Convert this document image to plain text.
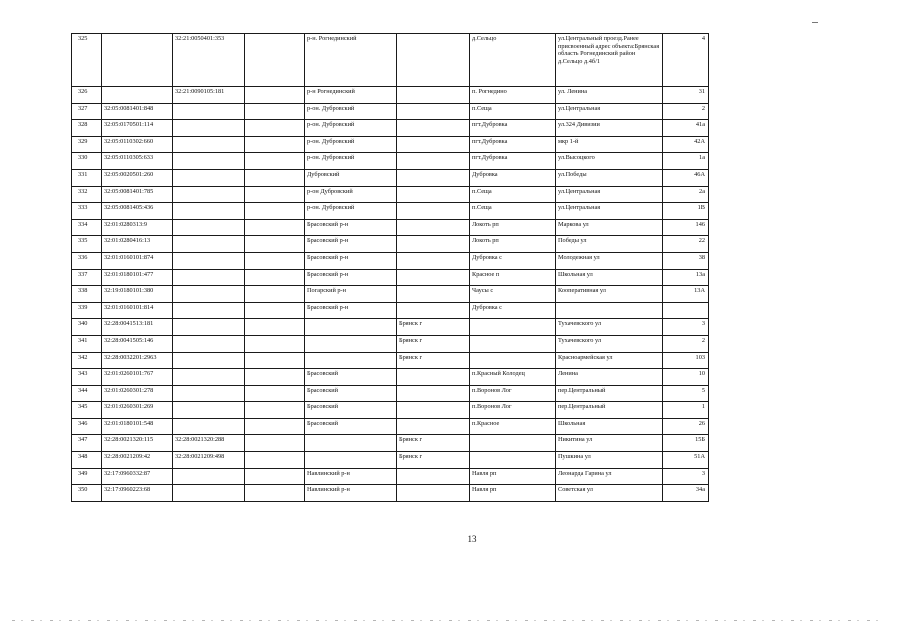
325		32:21:0050401:353		р-н. Рогнединский		д.Сельцо	ул.Центральный проезд.Ранее присвоенный адрес объекта:Брянская область Рогнединский район д.Сельцо д.4б/1	4
326		32:21:0090105:181		р-н Рогнединский		п. Рогнедино	ул. Ленина	31
327	32:05:0081401:848			р-он. Дубровский		п.Сеща	ул.Центральная	2
328	32:05:0170501:114			р-он. Дубровский		пгт.Дубровка	ул.324 Дивизии	41а
329	32:05:0110302:660			р-он. Дубровский		пгт.Дубровка	мкр 1-й	42А
330	32:05:0110305:633			р-он. Дубровский		пгт.Дубровка	ул.Высоцкого	1а
331	32:05:0020501:260			Дубровский		Дубровка	ул.Победы	46А
332	32:05:0081401:785			р-он Дубровский		п.Сеща	ул.Центральная	2а
333	32:05:0081405:436			р-он. Дубровский		п.Сеща	ул.Центральная	1В
334	32:01:0280313:9			Брасовский р-н		Локоть рп	Маркова ул	146
335	32:01:0280416:13			Брасовский р-н		Локоть рп	Победы ул	22
336	32:01:0160101:874			Брасовский р-н		Дубровка с	Молодежная ул	38
337	32:01:0180101:477			Брасовский р-н		Красное п	Школьная ул	13а
338	32:19:0180101:380			Погарский р-н		Чаусы с	Кооперативная ул	13А
339	32:01:0160101:814			Брасовский р-н		Дубровка с		
340	32:28:0041513:181				Брянск г		Тухачевского ул	3
341	32:28:0041505:146				Брянск г		Тухачевского ул	2
342	32:28:0032201:2963				Брянск г		Красноармейская ул	103
343	32:01:0260101:767			Брасовский		п.Красный Колодец	Ленина	10
344	32:01:0260301:278			Брасовский		п.Воронов Лог	пер.Центральный	5
345	32:01:0260301:269			Брасовский		п.Воронов Лог	пер.Центральный	1
346	32:01:0180101:548			Брасовский		п.Красное	Школьная	26
347	32:28:0021320:115	32:28:0021320:288			Брянск г		Никитина ул	15Б
348	32:28:0021209:42	32:28:0021209:498			Брянск г		Пушкина ул	51А
349	32:17:0960332:87			Навлинский р-н		Навля рп	Леонарда Гарина ул	3
350	32:17:0960223:68			Навлинский р-н		Навля рп	Советская ул	34а
13
